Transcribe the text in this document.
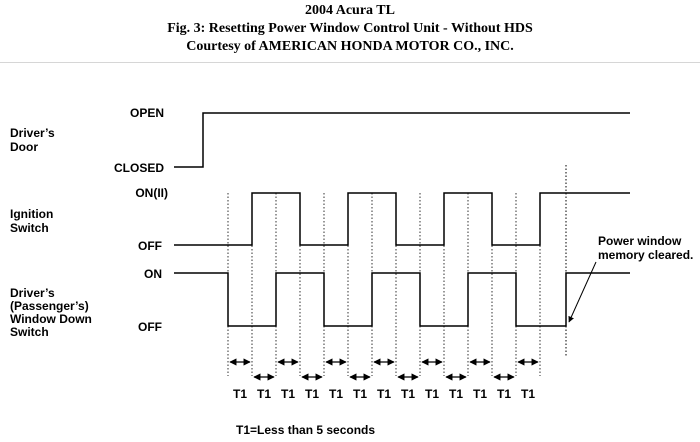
2004 Acura TL
Fig. 3: Resetting Power Window Control Unit - Without HDS
Courtesy of AMERICAN HONDA MOTOR CO., INC.
Driver’s
Door
OPEN
CLOSED
Ignition
Switch
ON(II)
OFF
Driver’s
(Passenger’s)
Window Down
Switch
ON
OFF
T1 T1 T1 T1 T1 T1 T1 T1 T1 T1 T1 T1 T1
Power window
memory cleared.
T1=Less than 5 seconds
